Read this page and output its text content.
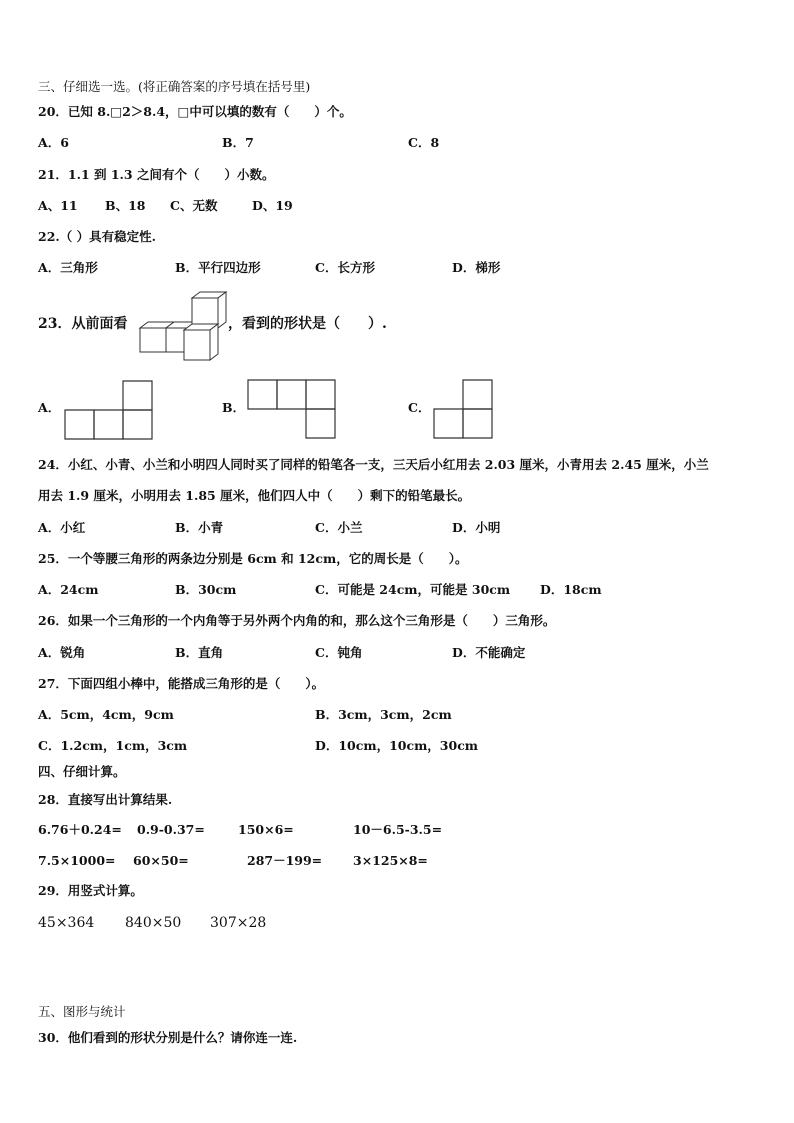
三、仔细选一选。(将正确答案的序号填在括号里)
20．已知 8.□2＞8.4，□中可以填的数有（　　）个。
A．6	B．7	C．8
21．1.1 到 1.3 之间有个（　　）小数。
A、11 B、18 C、无数	D、19
22.（ ）具有稳定性.
A．三角形	B．平行四边形	C．长方形	D．梯形
23．从前面看	，看到的形状是（　　）.
A．	B．	C．
24．小红、小青、小兰和小明四人同时买了同样的铅笔各一支，三天后小红用去 2.03 厘米，小青用去 2.45 厘米，小兰
用去 1.9 厘米，小明用去 1.85 厘米，他们四人中（　　）剩下的铅笔最长。
A．小红	B．小青	C．小兰	D．小明
25．一个等腰三角形的两条边分别是 6cm 和 12cm，它的周长是（　　）。
A．24cm	B．30cm	C．可能是 24cm，可能是 30cm D．18cm
26．如果一个三角形的一个内角等于另外两个内角的和，那么这个三角形是（　　）三角形。
A．锐角	B．直角	C．钝角	D．不能确定
27．下面四组小棒中，能搭成三角形的是（　　）。
A．5cm，4cm，9cm	B．3cm，3cm，2cm
C．1.2cm，1cm，3cm	D．10cm，10cm，30cm
四、仔细计算。
28．直接写出计算结果.
6.76＋0.24= 0.9-0.37=	150×6=	10－6.5-3.5=
7.5×1000= 60×50=	287－199= 3×125×8=
29．用竖式计算。
45×364 840×50 307×28
五、图形与统计
30．他们看到的形状分别是什么？请你连一连.
